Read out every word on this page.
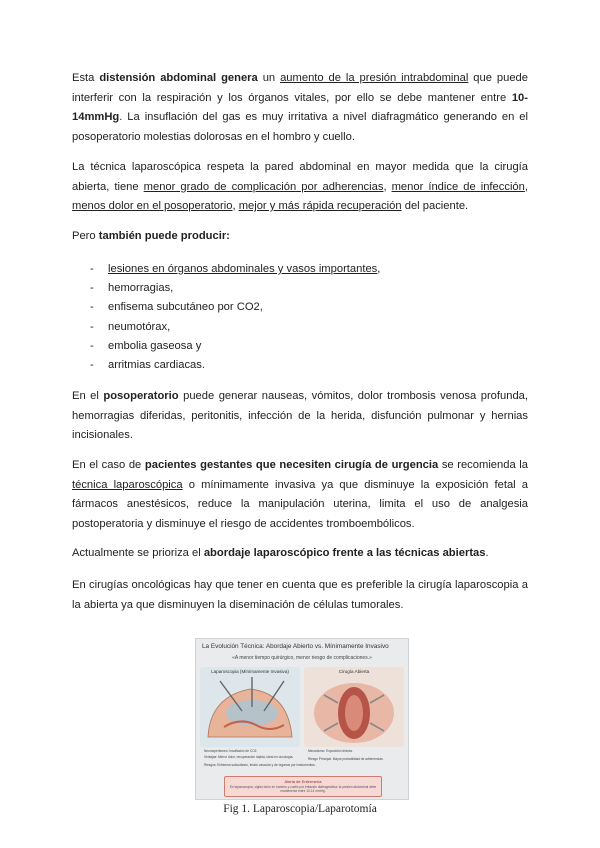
Esta distensión abdominal genera un aumento de la presión intrabdominal que puede interferir con la respiración y los órganos vitales, por ello se debe mantener entre 10-14mmHg. La insuflación del gas es muy irritativa a nivel diafragmático generando en el posoperatorio molestias dolorosas en el hombro y cuello.

La técnica laparoscópica respeta la pared abdominal en mayor medida que la cirugía abierta, tiene menor grado de complicación por adherencias, menor índice de infección, menos dolor en el posoperatorio, mejor y más rápida recuperación del paciente.

Pero también puede producir:

- lesiones en órganos abdominales y vasos importantes,
- hemorragias,
- enfisema subcutáneo por CO2,
- neumotórax,
- embolia gaseosa y
- arritmias cardiacas.

En el posoperatorio puede generar nauseas, vómitos, dolor trombosis venosa profunda, hemorragias diferidas, peritonitis, infección de la herida, disfunción pulmonar y hernias incisionales.

En el caso de pacientes gestantes que necesiten cirugía de urgencia se recomienda la técnica laparoscópica o mínimamente invasiva ya que disminuye la exposición fetal a fármacos anestésicos, reduce la manipulación uterina, limita el uso de analgesia postoperatoria y disminuye el riesgo de accidentes tromboembólicos.

Actualmente se prioriza el abordaje laparoscópico frente a las técnicas abiertas.

En cirugías oncológicas hay que tener en cuenta que es preferible la cirugía laparoscopia a la abierta ya que disminuyen la diseminación de células tumorales.

La Evolución Técnica: Abordaje Abierto vs. Mínimamente Invasivo
«A menor tiempo quirúrgico, menor riesgo de complicaciones.»
Laparoscopia (Mínimamente Invasiva)	Cirugía Abierta
Neumoperitoneo: Insuflación de CO2.
Ventajas: Menor dolor, recuperación rápida, ideal en oncología.
Riesgos: Enfisema subcutáneo, lesión vascular y de órganos por instrumentos.
Mecanismo: Exposición directa.
Riesgo Principal: Mayor probabilidad de adherencias.
Alerta de Enfermería
En laparoscopia, vigilar dolor en hombro y cuello por irritación diafragmática; la presión abdominal debe mantenerse entre 10-14 mmHg.
Fig 1. Laparoscopia/Laparotomía
